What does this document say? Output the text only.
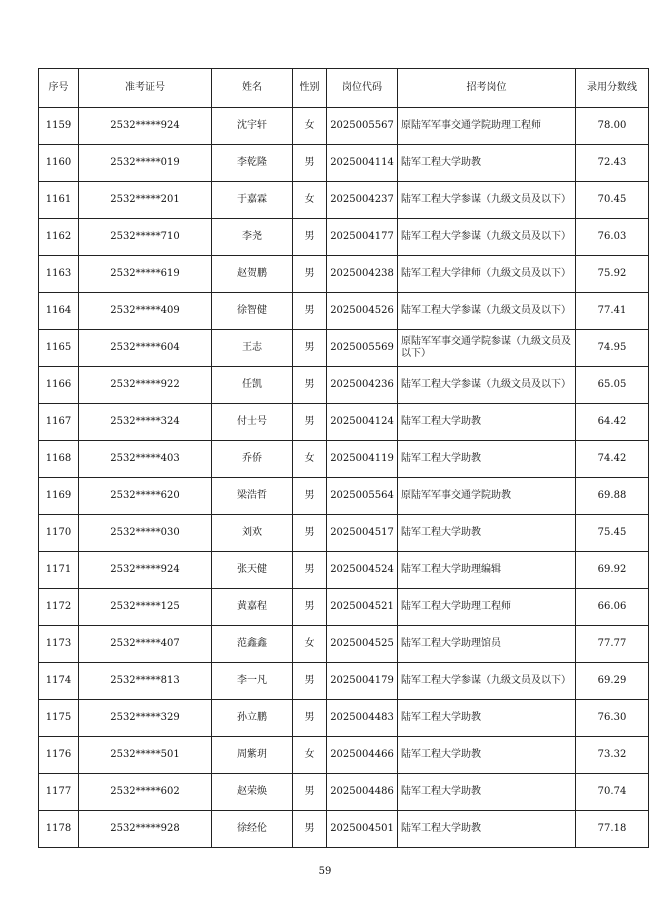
序号	准考证号	姓名	性别	岗位代码	招考岗位	录用分数线
1159	2532*****924	沈宇轩	女	2025005567	原陆军军事交通学院助理工程师	78.00
1160	2532*****019	李乾隆	男	2025004114	陆军工程大学助教	72.43
1161	2532*****201	于嘉霖	女	2025004237	陆军工程大学参谋（九级文员及以下）	70.45
1162	2532*****710	李尧	男	2025004177	陆军工程大学参谋（九级文员及以下）	76.03
1163	2532*****619	赵贺鹏	男	2025004238	陆军工程大学律师（九级文员及以下）	75.92
1164	2532*****409	徐智健	男	2025004526	陆军工程大学参谋（九级文员及以下）	77.41
1165	2532*****604	王志	男	2025005569	原陆军军事交通学院参谋（九级文员及以下）	74.95
1166	2532*****922	任凯	男	2025004236	陆军工程大学参谋（九级文员及以下）	65.05
1167	2532*****324	付士号	男	2025004124	陆军工程大学助教	64.42
1168	2532*****403	乔侨	女	2025004119	陆军工程大学助教	74.42
1169	2532*****620	梁浩哲	男	2025005564	原陆军军事交通学院助教	69.88
1170	2532*****030	刘欢	男	2025004517	陆军工程大学助教	75.45
1171	2532*****924	张天健	男	2025004524	陆军工程大学助理编辑	69.92
1172	2532*****125	黄嘉程	男	2025004521	陆军工程大学助理工程师	66.06
1173	2532*****407	范鑫鑫	女	2025004525	陆军工程大学助理馆员	77.77
1174	2532*****813	李一凡	男	2025004179	陆军工程大学参谋（九级文员及以下）	69.29
1175	2532*****329	孙立鹏	男	2025004483	陆军工程大学助教	76.30
1176	2532*****501	周紫玥	女	2025004466	陆军工程大学助教	73.32
1177	2532*****602	赵荣焕	男	2025004486	陆军工程大学助教	70.74
1178	2532*****928	徐经伦	男	2025004501	陆军工程大学助教	77.18
59
